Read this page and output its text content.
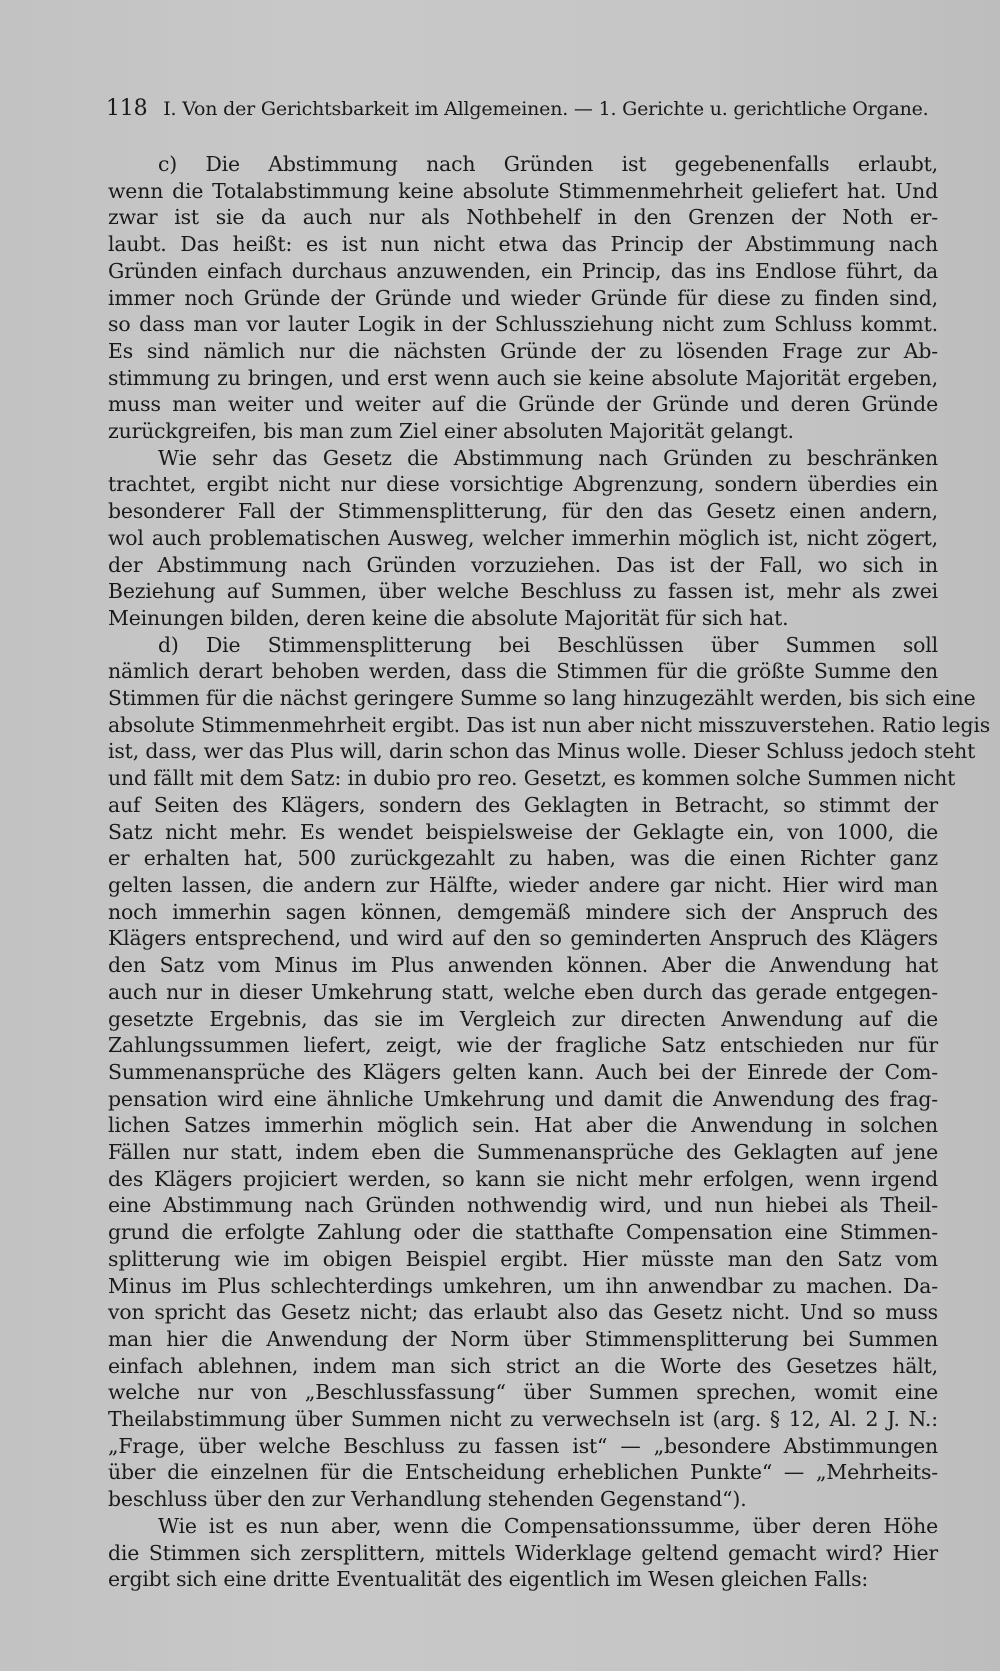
118 I. Von der Gerichtsbarkeit im Allgemeinen. — 1. Gerichte u. gerichtliche Organe.
c) Die Abstimmung nach Gründen ist gegebenenfalls erlaubt,
wenn die Totalabstimmung keine absolute Stimmenmehrheit geliefert hat. Und
zwar ist sie da auch nur als Nothbehelf in den Grenzen der Noth er-
laubt. Das heißt: es ist nun nicht etwa das Princip der Abstimmung nach
Gründen einfach durchaus anzuwenden, ein Princip, das ins Endlose führt, da
immer noch Gründe der Gründe und wieder Gründe für diese zu finden sind,
so dass man vor lauter Logik in der Schlussziehung nicht zum Schluss kommt.
Es sind nämlich nur die nächsten Gründe der zu lösenden Frage zur Ab-
stimmung zu bringen, und erst wenn auch sie keine absolute Majorität ergeben,
muss man weiter und weiter auf die Gründe der Gründe und deren Gründe
zurückgreifen, bis man zum Ziel einer absoluten Majorität gelangt.
Wie sehr das Gesetz die Abstimmung nach Gründen zu beschränken
trachtet, ergibt nicht nur diese vorsichtige Abgrenzung, sondern überdies ein
besonderer Fall der Stimmensplitterung, für den das Gesetz einen andern,
wol auch problematischen Ausweg, welcher immerhin möglich ist, nicht zögert,
der Abstimmung nach Gründen vorzuziehen. Das ist der Fall, wo sich in
Beziehung auf Summen, über welche Beschluss zu fassen ist, mehr als zwei
Meinungen bilden, deren keine die absolute Majorität für sich hat.
d) Die Stimmensplitterung bei Beschlüssen über Summen soll
nämlich derart behoben werden, dass die Stimmen für die größte Summe den
Stimmen für die nächst geringere Summe so lang hinzugezählt werden, bis sich eine
absolute Stimmenmehrheit ergibt. Das ist nun aber nicht misszuverstehen. Ratio legis
ist, dass, wer das Plus will, darin schon das Minus wolle. Dieser Schluss jedoch steht
und fällt mit dem Satz: in dubio pro reo. Gesetzt, es kommen solche Summen nicht
auf Seiten des Klägers, sondern des Geklagten in Betracht, so stimmt der
Satz nicht mehr. Es wendet beispielsweise der Geklagte ein, von 1000, die
er erhalten hat, 500 zurückgezahlt zu haben, was die einen Richter ganz
gelten lassen, die andern zur Hälfte, wieder andere gar nicht. Hier wird man
noch immerhin sagen können, demgemäß mindere sich der Anspruch des
Klägers entsprechend, und wird auf den so geminderten Anspruch des Klägers
den Satz vom Minus im Plus anwenden können. Aber die Anwendung hat
auch nur in dieser Umkehrung statt, welche eben durch das gerade entgegen-
gesetzte Ergebnis, das sie im Vergleich zur directen Anwendung auf die
Zahlungssummen liefert, zeigt, wie der fragliche Satz entschieden nur für
Summenansprüche des Klägers gelten kann. Auch bei der Einrede der Com-
pensation wird eine ähnliche Umkehrung und damit die Anwendung des frag-
lichen Satzes immerhin möglich sein. Hat aber die Anwendung in solchen
Fällen nur statt, indem eben die Summenansprüche des Geklagten auf jene
des Klägers projiciert werden, so kann sie nicht mehr erfolgen, wenn irgend
eine Abstimmung nach Gründen nothwendig wird, und nun hiebei als Theil-
grund die erfolgte Zahlung oder die statthafte Compensation eine Stimmen-
splitterung wie im obigen Beispiel ergibt. Hier müsste man den Satz vom
Minus im Plus schlechterdings umkehren, um ihn anwendbar zu machen. Da-
von spricht das Gesetz nicht; das erlaubt also das Gesetz nicht. Und so muss
man hier die Anwendung der Norm über Stimmensplitterung bei Summen
einfach ablehnen, indem man sich strict an die Worte des Gesetzes hält,
welche nur von „Beschlussfassung“ über Summen sprechen, womit eine
Theilabstimmung über Summen nicht zu verwechseln ist (arg. § 12, Al. 2 J. N.:
„Frage, über welche Beschluss zu fassen ist“ — „besondere Abstimmungen
über die einzelnen für die Entscheidung erheblichen Punkte“ — „Mehrheits-
beschluss über den zur Verhandlung stehenden Gegenstand“).
Wie ist es nun aber, wenn die Compensationssumme, über deren Höhe
die Stimmen sich zersplittern, mittels Widerklage geltend gemacht wird? Hier
ergibt sich eine dritte Eventualität des eigentlich im Wesen gleichen Falls:
